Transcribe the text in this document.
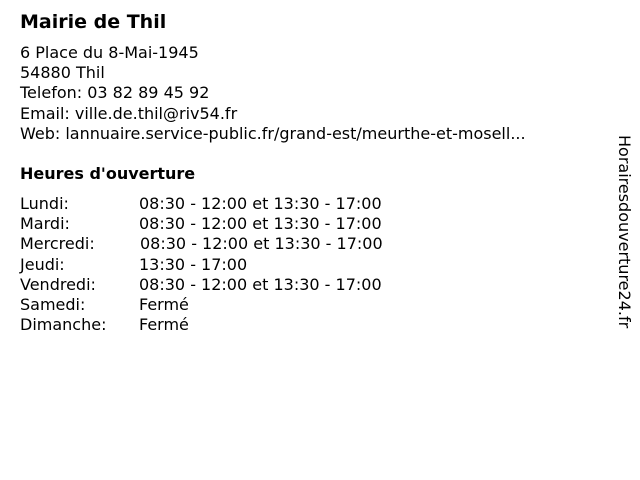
Mairie de Thil
6 Place du 8-Mai-1945
54880 Thil
Telefon: 03 82 89 45 92
Email: ville.de.thil@riv54.fr
Web: lannuaire.service-public.fr/grand-est/meurthe-et-mosell...
Heures d'ouverture
Lundi:	08:30 - 12:00 et 13:30 - 17:00
Mardi:	08:30 - 12:00 et 13:30 - 17:00
Mercredi:	08:30 - 12:00 et 13:30 - 17:00
Jeudi:	13:30 - 17:00
Vendredi:	08:30 - 12:00 et 13:30 - 17:00
Samedi:	Fermé
Dimanche: Fermé	Horairesdouverture24.fr
